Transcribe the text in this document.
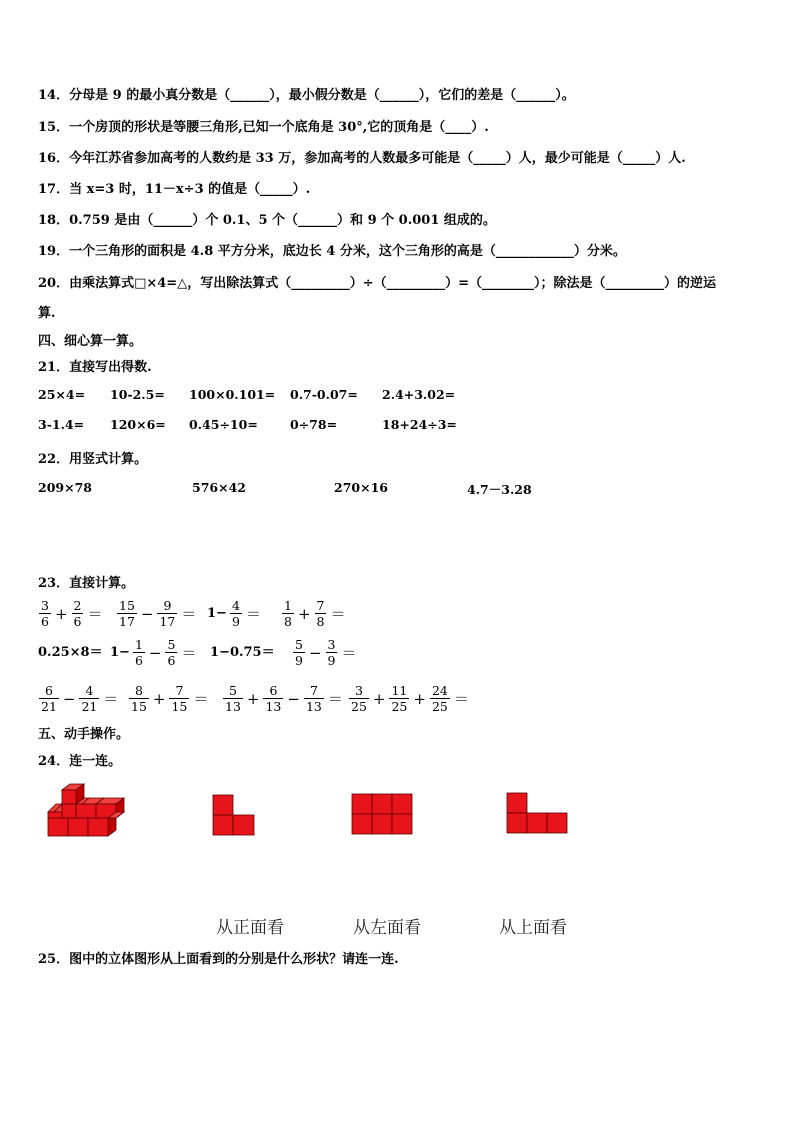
14．分母是 9 的最小真分数是（______），最小假分数是（______），它们的差是（______）。
15．一个房顶的形状是等腰三角形,已知一个底角是 30°,它的顶角是（____）.
16．今年江苏省参加高考的人数约是 33 万，参加高考的人数最多可能是（_____）人，最少可能是（_____）人.
17．当 x=3 时，11－x÷3 的值是（_____）.
18．0.759 是由（______）个 0.1、5 个（______）和 9 个 0.001 组成的。
19．一个三角形的面积是 4.8 平方分米，底边长 4 分米，这个三角形的高是（____________）分米。
20．由乘法算式□×4=△，写出除法算式（_________）÷（_________）=（________）；除法是（_________）的逆运
算.
四、细心算一算。
21．直接写出得数.
25×4= 10-2.5= 100×0.101= 0.7-0.07= 2.4+3.02=
3-1.4= 120×6= 0.45÷10=	0÷78=	18+24÷3=
22．用竖式计算。
209×78	576×42	270×16	4.7－3.28
23．直接计算。
$\frac{3}{6} + \frac{2}{6} = \frac{15}{17} - \frac{9}{17} = 1- \frac{4}{9} = \frac{1}{8} + \frac{7}{8}$ ＝
$0.25\times 8= 1- \frac{1}{6} - \frac{5}{6} = 1-0.75= \frac{5}{9} - \frac{3}{9}$ ＝
$\frac{6}{21} - \frac{4}{21} = \frac{8}{15} + \frac{7}{15} = \frac{5}{13} + \frac{6}{13} - \frac{7}{13} = \frac{3}{25} + \frac{11}{25} + \frac{24}{25}$ ＝
五、动手操作。
24．连一连。
从正面看	从左面看	从上面看
25．图中的立体图形从上面看到的分别是什么形状？请连一连.
